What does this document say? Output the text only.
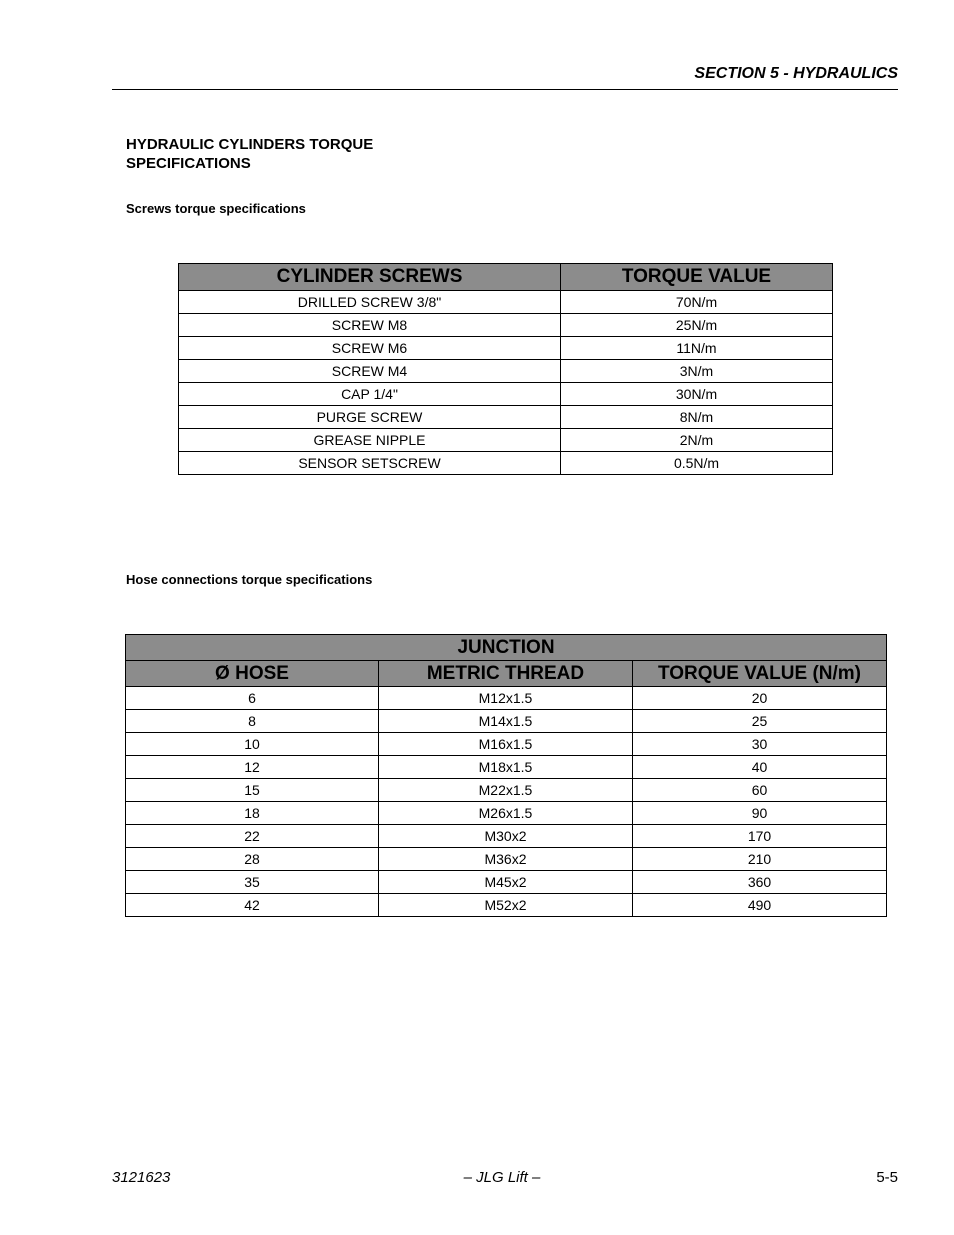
SECTION 5 - HYDRAULICS
HYDRAULIC CYLINDERS TORQUE SPECIFICATIONS
Screws torque specifications
CYLINDER SCREWS	TORQUE VALUE
DRILLED SCREW 3/8"	70N/m
SCREW M8	25N/m
SCREW M6	11N/m
SCREW M4	3N/m
CAP 1/4"	30N/m
PURGE SCREW	8N/m
GREASE NIPPLE	2N/m
SENSOR SETSCREW	0.5N/m
Hose connections torque specifications
JUNCTION		
Ø HOSE	METRIC THREAD	TORQUE VALUE (N/m)
6	M12x1.5	20
8	M14x1.5	25
10	M16x1.5	30
12	M18x1.5	40
15	M22x1.5	60
18	M26x1.5	90
22	M30x2	170
28	M36x2	210
35	M45x2	360
42	M52x2	490
3121623	– JLG Lift –	5-5
